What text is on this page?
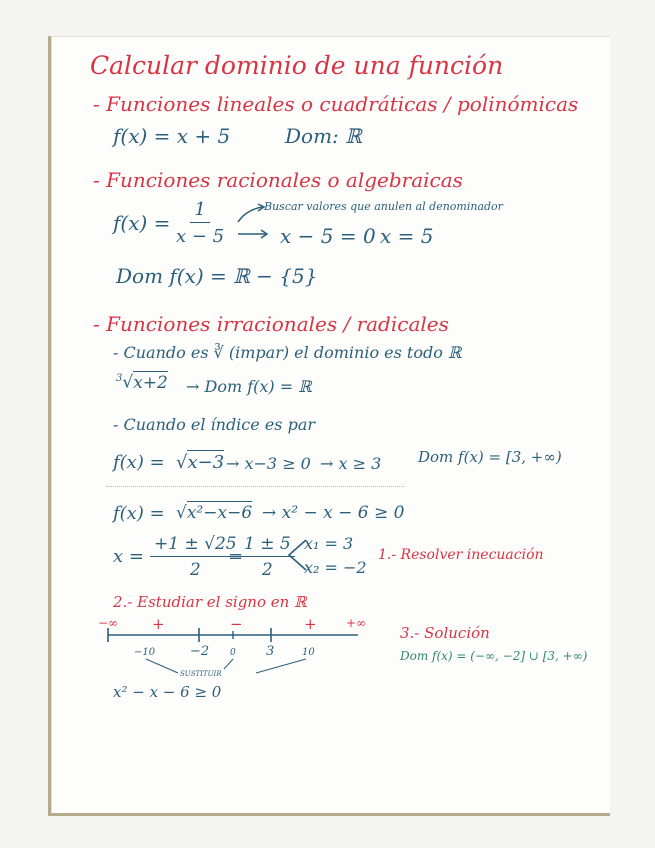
Calcular dominio de una función
- Funciones lineales o cuadráticas / polinómicas
f(x) = x + 5	Dom: ℝ
- Funciones racionales o algebraicas
$f(x) = \frac{1}{x - 5}$	Buscar valores que anulen al denominador
x − 5 = 0 x = 5
Dom f(x) = ℝ − {5}
- Funciones irracionales / radicales
- Cuando es ∛ (impar) el dominio es todo ℝ
$^3$√x+2 → Dom f(x) = ℝ
- Cuando el índice es par
f(x) = √x−3 → x−3 ≥ 0 → x ≥ 3 Dom f(x) = [3, +∞)
f(x) = √x²−x−6 → x² − x − 6 ≥ 0
$x = \frac{+1 \pm √25}{2}$
=
$\frac{1 \pm 5}{2} x_1 = 3$
x₂ = −2
1.- Resolver inecuación
2.- Estudiar el signo en ℝ
−∞	+∞
+	−	+
−2	3
−10	0	10
SUSTITUIR
3.- Solución
Dom f(x) = (−∞, −2] ∪ [3, +∞)
x² − x − 6 ≥ 0
